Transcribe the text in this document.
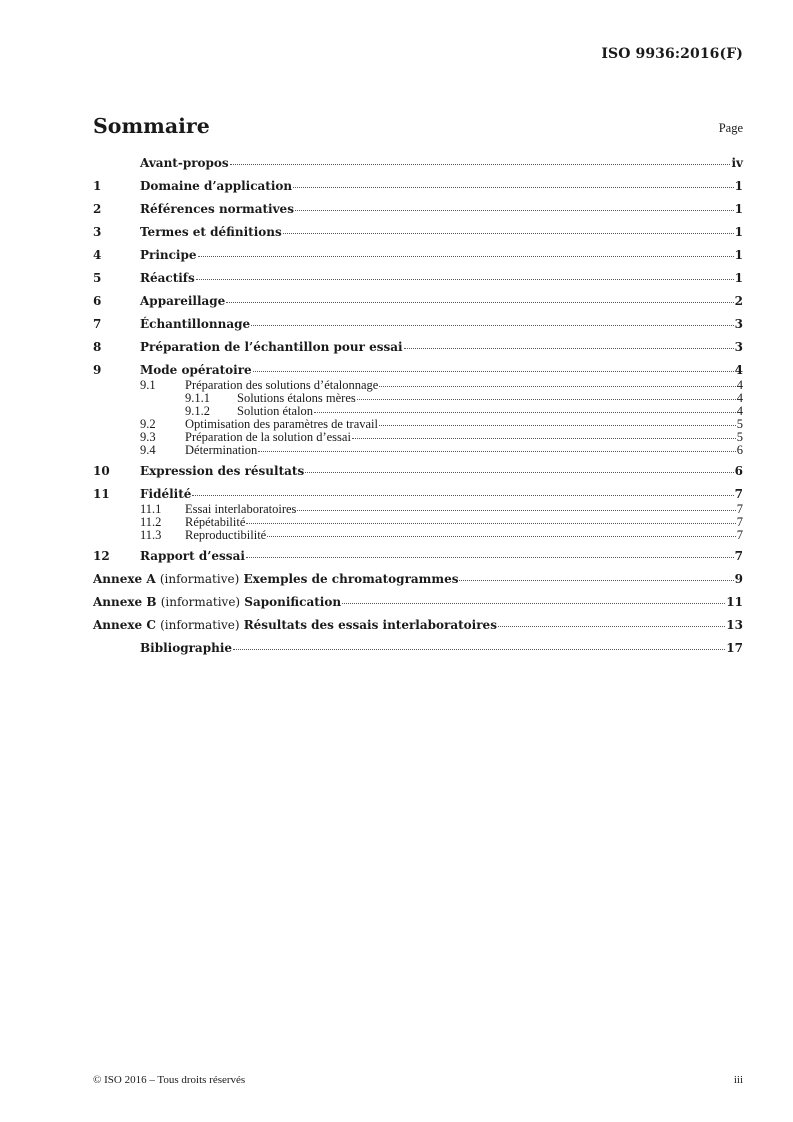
ISO 9936:2016(F)
Sommaire	Page
Avant-propos	iv
1	Domaine d’application	1
2	Références normatives	1
3	Termes et définitions	1
4	Principe	1
5	Réactifs	1
6	Appareillage	2
7	Échantillonnage	3
8	Préparation de l’échantillon pour essai	3
9	Mode opératoire	4
9.1	Préparation des solutions d’étalonnage	4
9.1.1	Solutions étalons mères	4
9.1.2	Solution étalon	4
9.2	Optimisation des paramètres de travail	5
9.3	Préparation de la solution d’essai	5
9.4	Détermination	6
10	Expression des résultats	6
11	Fidélité	7
11.1	Essai interlaboratoires	7
11.2	Répétabilité	7
11.3	Reproductibilité	7
12	Rapport d’essai	7
Annexe A (informative) Exemples de chromatogrammes	9
Annexe B (informative) Saponification	11
Annexe C (informative) Résultats des essais interlaboratoires	13
Bibliographie	17
© ISO 2016 – Tous droits réservés	iii
